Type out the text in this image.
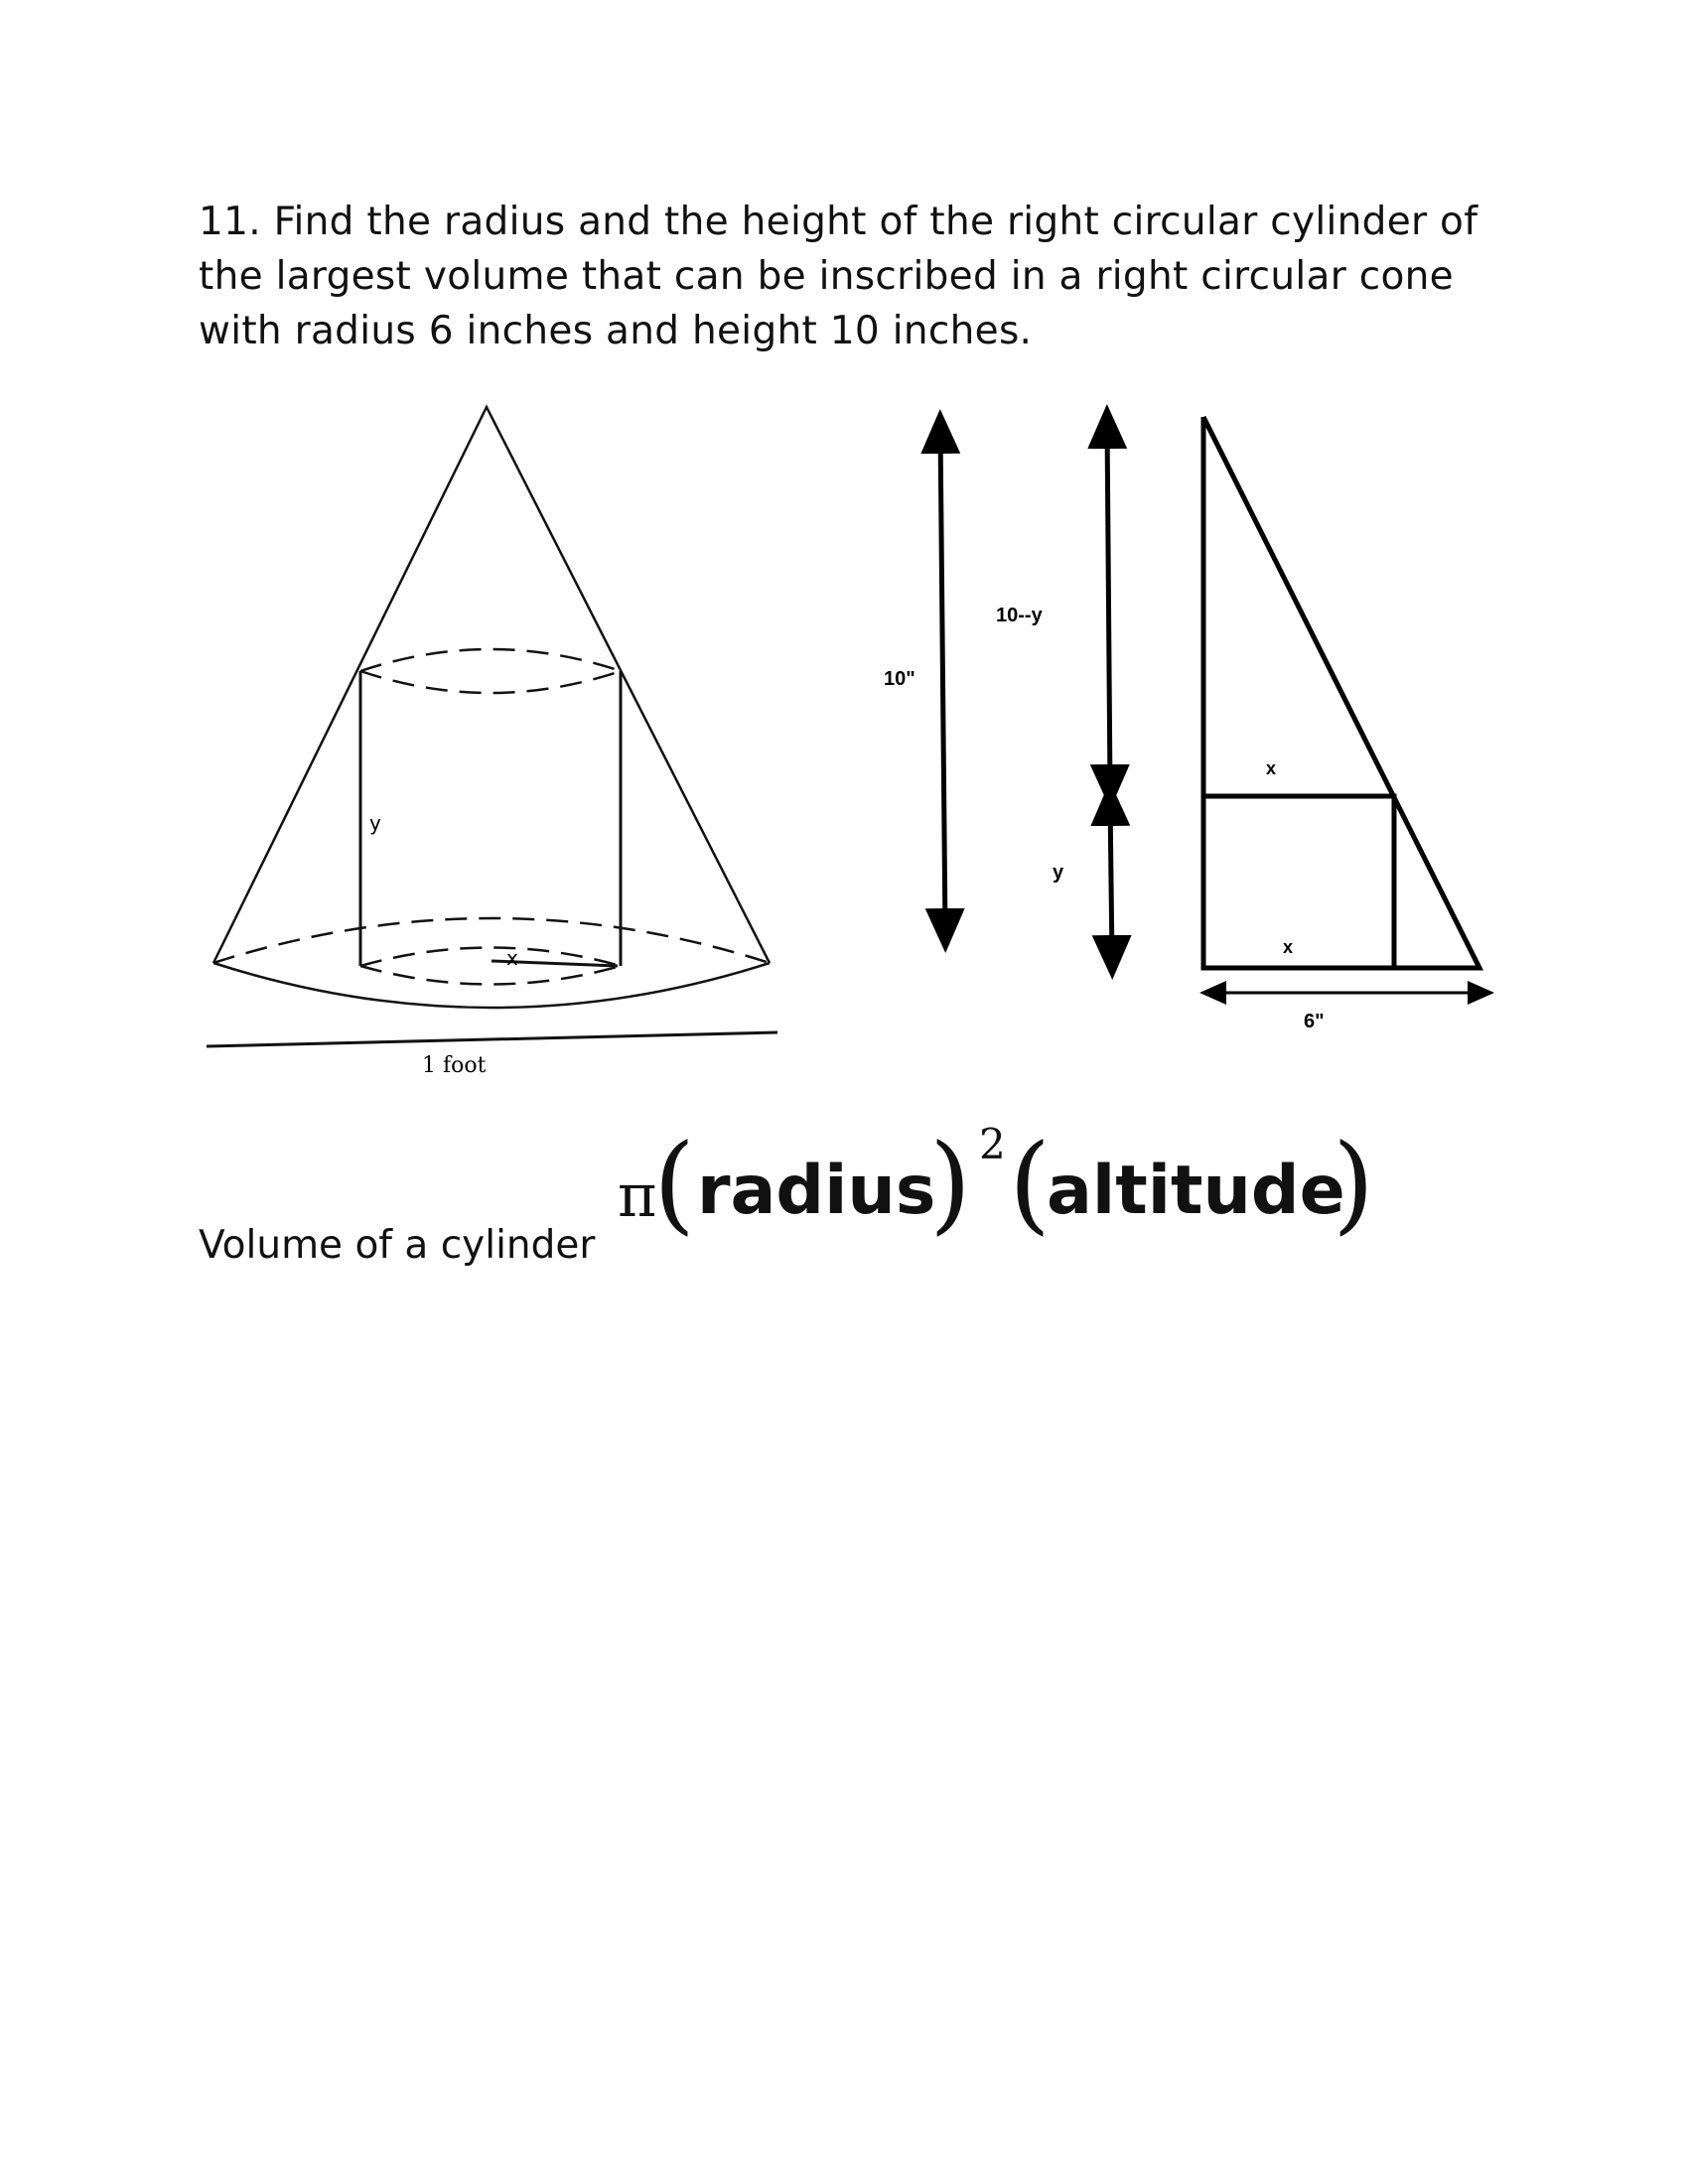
11. Find the radius and the height of the right circular cylinder of

the largest volume that can be inscribed in a right circular cone

with radius 6 inches and height 10 inches.

y
x
1 foot
10"
10--y
y
x
x
6"
Volume of a cylinder
π
( radius
) 2 (
altitude
)
